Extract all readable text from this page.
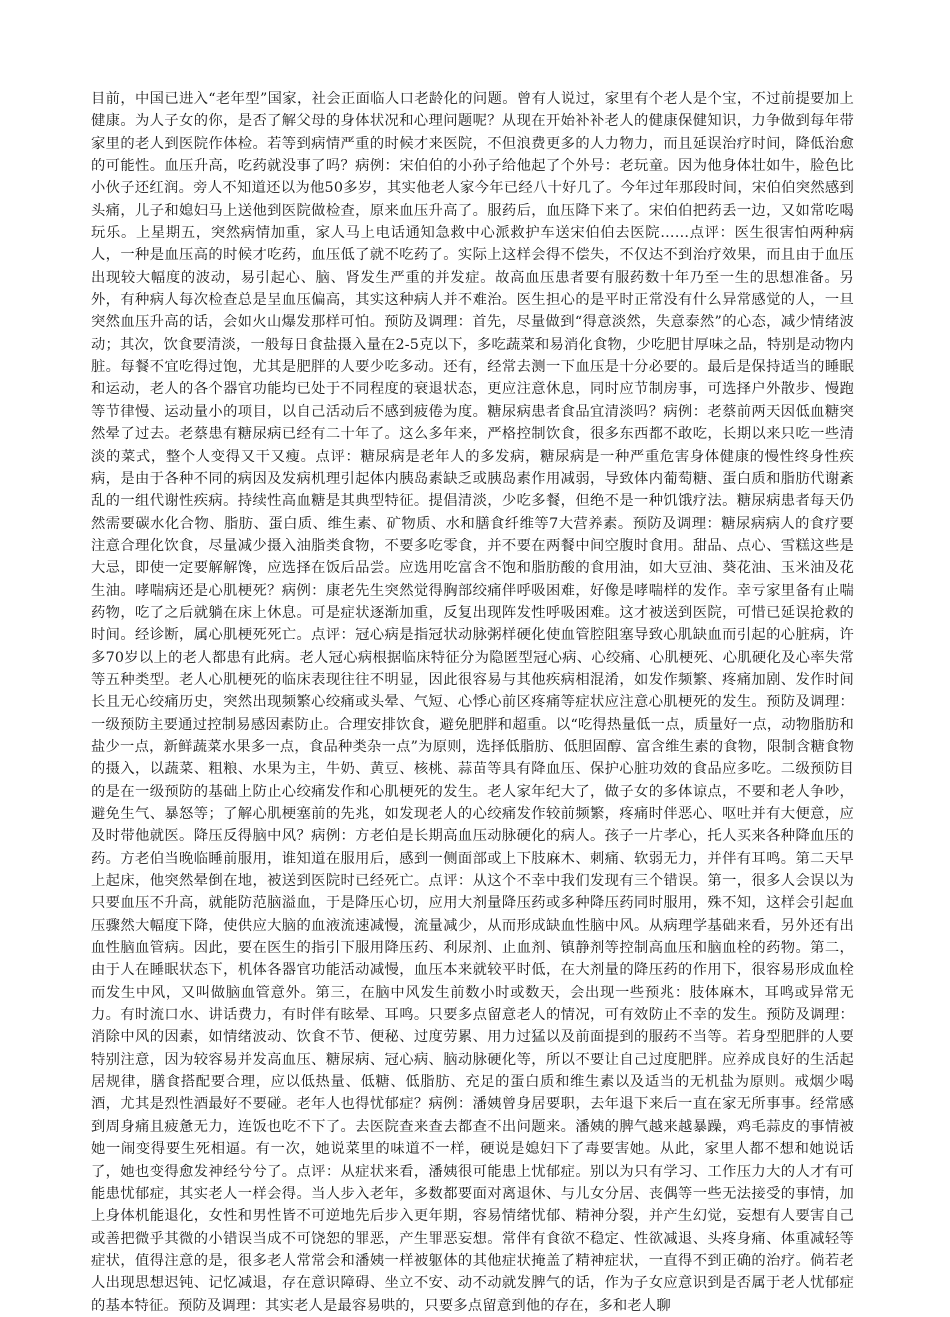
目前，中国已进入“老年型”国家，社会正面临人口老龄化的问题。曾有人说过，家里有个老人是个宝，不过前提要加上健康。为人子女的你，是否了解父母的身体状况和心理问题呢？从现在开始补补老人的健康保健知识，力争做到每年带家里的老人到医院作体检。若等到病情严重的时候才来医院，不但浪费更多的人力物力，而且延误治疗时间，降低治愈的可能性。血压升高，吃药就没事了吗？病例：宋伯伯的小孙子给他起了个外号：老玩童。因为他身体壮如牛，脸色比小伙子还红润。旁人不知道还以为他50多岁，其实他老人家今年已经八十好几了。今年过年那段时间，宋伯伯突然感到头痛，儿子和媳妇马上送他到医院做检查，原来血压升高了。服药后，血压降下来了。宋伯伯把药丢一边，又如常吃喝玩乐。上星期五，突然病情加重，家人马上电话通知急救中心派救护车送宋伯伯去医院……点评：医生很害怕两种病人，一种是血压高的时候才吃药，血压低了就不吃药了。实际上这样会得不偿失，不仅达不到治疗效果，而且由于血压出现较大幅度的波动，易引起心、脑、肾发生严重的并发症。故高血压患者要有服药数十年乃至一生的思想准备。另外，有种病人每次检查总是呈血压偏高，其实这种病人并不难治。医生担心的是平时正常没有什么异常感觉的人，一旦突然血压升高的话，会如火山爆发那样可怕。预防及调理：首先，尽量做到“得意淡然，失意泰然”的心态，减少情绪波动；其次，饮食要清淡，一般每日食盐摄入量在2-5克以下，多吃蔬菜和易消化食物，少吃肥甘厚味之品，特别是动物内脏。每餐不宜吃得过饱，尤其是肥胖的人要少吃多动。还有，经常去测一下血压是十分必要的。最后是保持适当的睡眠和运动，老人的各个器官功能均已处于不同程度的衰退状态，更应注意休息，同时应节制房事，可选择户外散步、慢跑等节律慢、运动量小的项目，以自己活动后不感到疲倦为度。糖尿病患者食品宜清淡吗？病例：老蔡前两天因低血糖突然晕了过去。老蔡患有糖尿病已经有二十年了。这么多年来，严格控制饮食，很多东西都不敢吃，长期以来只吃一些清淡的菜式，整个人变得又干又瘦。点评：糖尿病是老年人的多发病，糖尿病是一种严重危害身体健康的慢性终身性疾病，是由于各种不同的病因及发病机理引起体内胰岛素缺乏或胰岛素作用减弱，导致体内葡萄糖、蛋白质和脂肪代谢紊乱的一组代谢性疾病。持续性高血糖是其典型特征。提倡清淡，少吃多餐，但绝不是一种饥饿疗法。糖尿病患者每天仍然需要碳水化合物、脂肪、蛋白质、维生素、矿物质、水和膳食纤维等7大营养素。预防及调理：糖尿病病人的食疗要注意合理化饮食，尽量减少摄入油脂类食物，不要多吃零食，并不要在两餐中间空腹时食用。甜品、点心、雪糕这些是大忌，即使一定要解解馋，应选择在饭后品尝。应选用吃富含不饱和脂肪酸的食用油，如大豆油、葵花油、玉米油及花生油。哮喘病还是心肌梗死？病例：康老先生突然觉得胸部绞痛伴呼吸困难，好像是哮喘样的发作。幸亏家里备有止喘药物，吃了之后就躺在床上休息。可是症状逐渐加重，反复出现阵发性呼吸困难。这才被送到医院，可惜已延误抢救的时间。经诊断，属心肌梗死死亡。点评：冠心病是指冠状动脉粥样硬化使血管腔阻塞导致心肌缺血而引起的心脏病，许多70岁以上的老人都患有此病。老人冠心病根据临床特征分为隐匿型冠心病、心绞痛、心肌梗死、心肌硬化及心率失常等五种类型。老人心肌梗死的临床表现往往不明显，因此很容易与其他疾病相混淆，如发作频繁、疼痛加剧、发作时间长且无心绞痛历史，突然出现频繁心绞痛或头晕、气短、心悸心前区疼痛等症状应注意心肌梗死的发生。预防及调理：一级预防主要通过控制易感因素防止。合理安排饮食，避免肥胖和超重。以“吃得热量低一点，质量好一点，动物脂肪和盐少一点，新鲜蔬菜水果多一点，食品种类杂一点”为原则，选择低脂肪、低胆固醇、富含维生素的食物，限制含糖食物的摄入，以蔬菜、粗粮、水果为主，牛奶、黄豆、核桃、蒜苗等具有降血压、保护心脏功效的食品应多吃。二级预防目的是在一级预防的基础上防止心绞痛发作和心肌梗死的发生。老人家年纪大了，做子女的多体谅点，不要和老人争吵，避免生气、暴怒等；了解心肌梗塞前的先兆，如发现老人的心绞痛发作较前频繁，疼痛时伴恶心、呕吐并有大便意，应及时带他就医。降压反得脑中风？病例：方老伯是长期高血压动脉硬化的病人。孩子一片孝心，托人买来各种降血压的药。方老伯当晚临睡前服用，谁知道在服用后，感到一侧面部或上下肢麻木、刺痛、软弱无力，并伴有耳鸣。第二天早上起床，他突然晕倒在地，被送到医院时已经死亡。点评：从这个不幸中我们发现有三个错误。第一，很多人会误以为只要血压不升高，就能防范脑溢血，于是降压心切，应用大剂量降压药或多种降压药同时服用，殊不知，这样会引起血压骤然大幅度下降，使供应大脑的血液流速减慢，流量减少，从而形成缺血性脑中风。从病理学基础来看，另外还有出血性脑血管病。因此，要在医生的指引下服用降压药、利尿剂、止血剂、镇静剂等控制高血压和脑血栓的药物。第二，由于人在睡眠状态下，机体各器官功能活动减慢，血压本来就较平时低，在大剂量的降压药的作用下，很容易形成血栓而发生中风，又叫做脑血管意外。第三，在脑中风发生前数小时或数天，会出现一些预兆：肢体麻木，耳鸣或异常无力。有时流口水、讲话费力，有时伴有眩晕、耳鸣。只要多点留意老人的情况，可有效防止不幸的发生。预防及调理：消除中风的因素，如情绪波动、饮食不节、便秘、过度劳累、用力过猛以及前面提到的服药不当等。若身型肥胖的人要特别注意，因为较容易并发高血压、糖尿病、冠心病、脑动脉硬化等，所以不要让自己过度肥胖。应养成良好的生活起居规律，膳食搭配要合理，应以低热量、低糖、低脂肪、充足的蛋白质和维生素以及适当的无机盐为原则。戒烟少喝酒，尤其是烈性酒最好不要碰。老年人也得忧郁症？病例：潘姨曾身居要职，去年退下来后一直在家无所事事。经常感到周身痛且疲惫无力，连饭也吃不下了。去医院查来查去都查不出问题来。潘姨的脾气越来越暴躁，鸡毛蒜皮的事情被她一闹变得要生死相逼。有一次，她说菜里的味道不一样，硬说是媳妇下了毒要害她。从此，家里人都不想和她说话了，她也变得愈发神经兮兮了。点评：从症状来看，潘姨很可能患上忧郁症。别以为只有学习、工作压力大的人才有可能患忧郁症，其实老人一样会得。当人步入老年，多数都要面对离退休、与儿女分居、丧偶等一些无法接受的事情，加上身体机能退化，女性和男性皆不可逆地先后步入更年期，容易情绪忧郁、精神分裂，并产生幻觉，妄想有人要害自己或善把微乎其微的小错误当成不可饶恕的罪恶，产生罪恶妄想。常伴有食欲不稳定、性欲减退、头疼身痛、体重减轻等症状，值得注意的是，很多老人常常会和潘姨一样被躯体的其他症状掩盖了精神症状，一直得不到正确的治疗。倘若老人出现思想迟钝、记忆减退，存在意识障碍、坐立不安、动不动就发脾气的话，作为子女应意识到是否属于老人忧郁症的基本特征。预防及调理：其实老人是最容易哄的，只要多点留意到他的存在，多和老人聊
